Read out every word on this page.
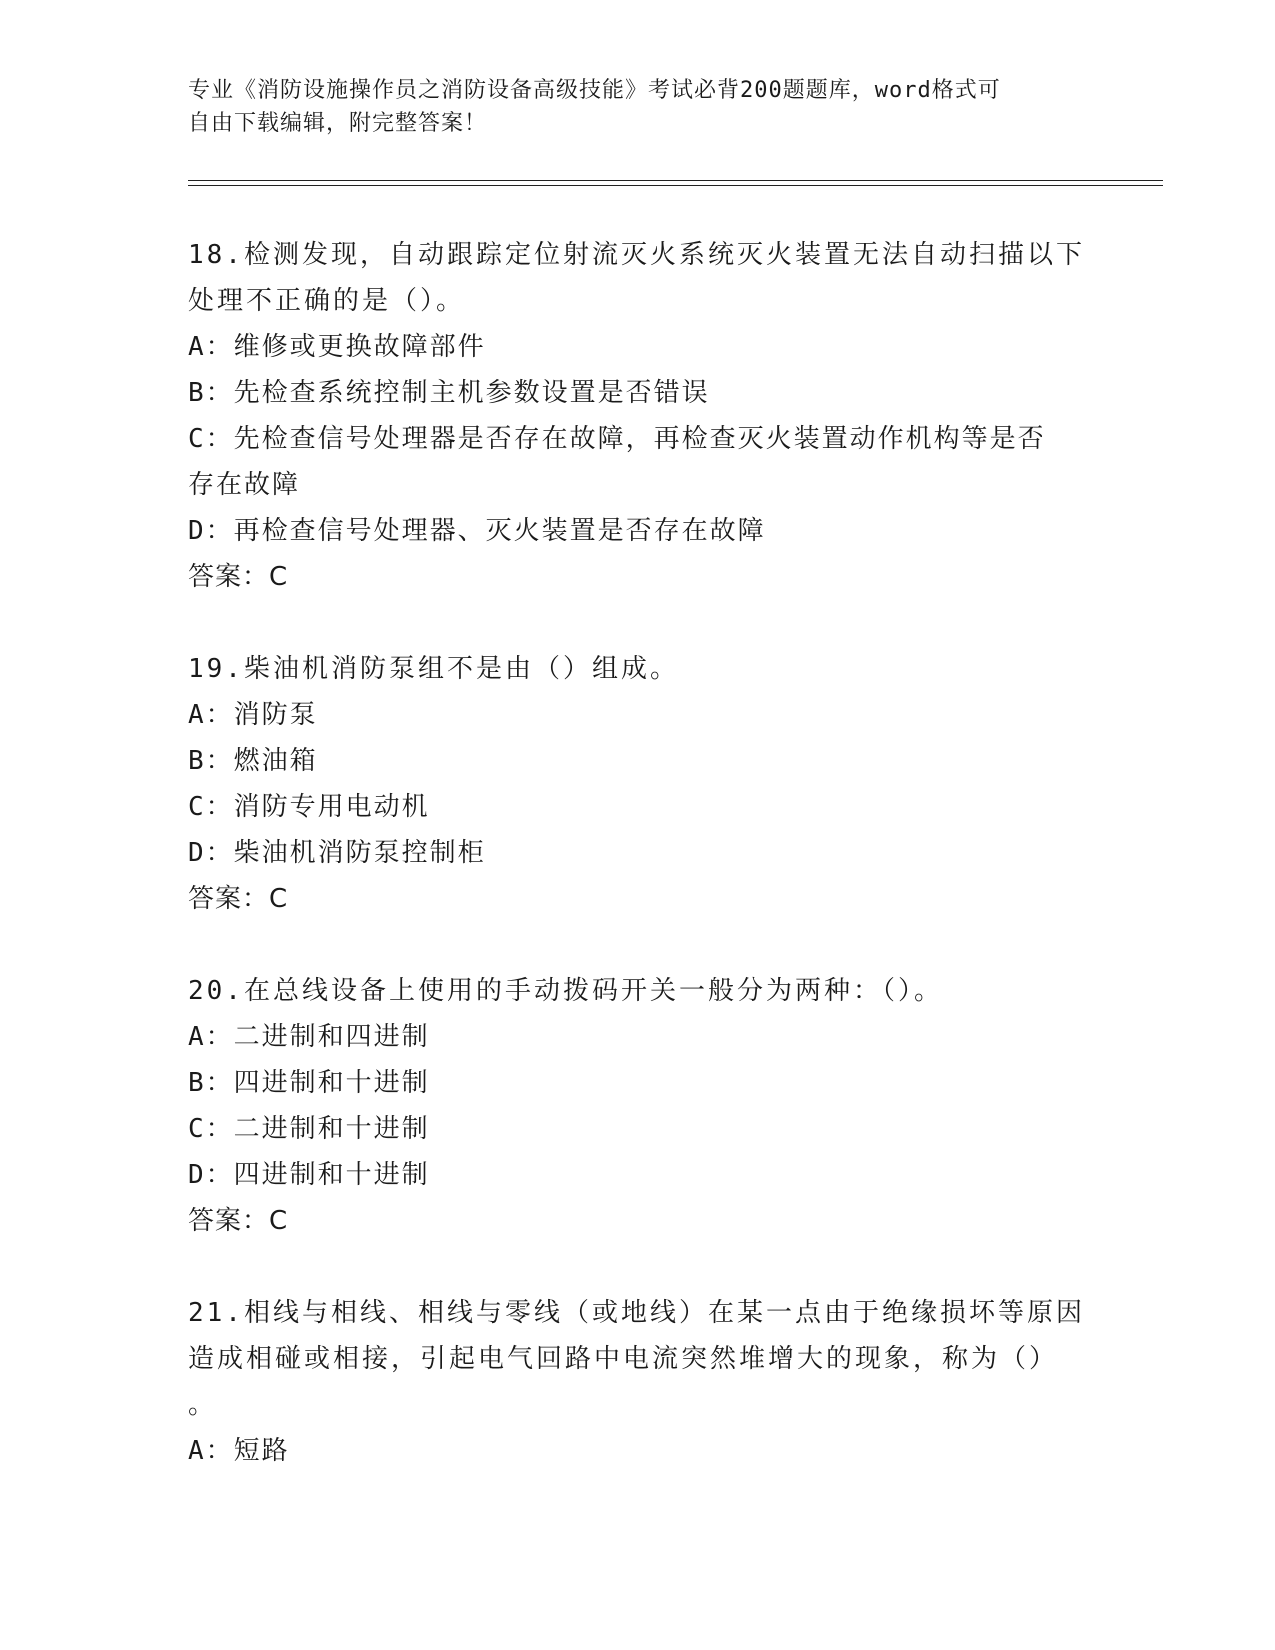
专业《消防设施操作员之消防设备高级技能》考试必背200题题库，word格式可
自由下载编辑，附完整答案！
18.检测发现，自动跟踪定位射流灭火系统灭火装置无法自动扫描以下
处理不正确的是（）。
A：维修或更换故障部件
B：先检查系统控制主机参数设置是否错误
C：先检查信号处理器是否存在故障，再检查灭火装置动作机构等是否
存在故障
D：再检查信号处理器、灭火装置是否存在故障
答案：C
19.柴油机消防泵组不是由（）组成。
A：消防泵
B：燃油箱
C：消防专用电动机
D：柴油机消防泵控制柜
答案：C
20.在总线设备上使用的手动拨码开关一般分为两种：（）。
A：二进制和四进制
B：四进制和十进制
C：二进制和十进制
D：四进制和十进制
答案：C
21.相线与相线、相线与零线（或地线）在某一点由于绝缘损坏等原因
造成相碰或相接，引起电气回路中电流突然堆增大的现象，称为（）
。
A：短路
